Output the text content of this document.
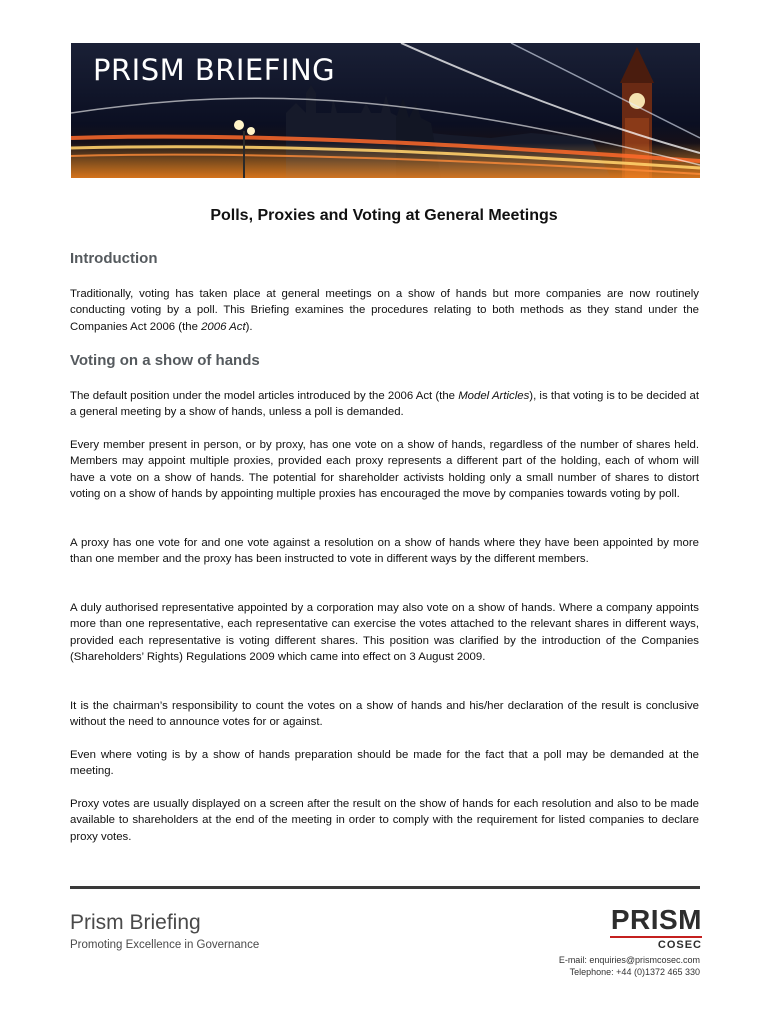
PRISM BRIEFING
Polls, Proxies and Voting at General Meetings
Introduction

Traditionally, voting has taken place at general meetings on a show of hands but more companies are now routinely conducting voting by a poll. This Briefing examines the procedures relating to both methods as they stand under the Companies Act 2006 (the 2006 Act).

Voting on a show of hands

The default position under the model articles introduced by the 2006 Act (the Model Articles), is that voting is to be decided at a general meeting by a show of hands, unless a poll is demanded.

Every member present in person, or by proxy, has one vote on a show of hands, regardless of the number of shares held. Members may appoint multiple proxies, provided each proxy represents a different part of the holding, each of whom will have a vote on a show of hands. The potential for shareholder activists holding only a small number of shares to distort voting on a show of hands by appointing multiple proxies has encouraged the move by companies towards voting by poll.

A proxy has one vote for and one vote against a resolution on a show of hands where they have been appointed by more than one member and the proxy has been instructed to vote in different ways by the different members.

A duly authorised representative appointed by a corporation may also vote on a show of hands. Where a company appoints more than one representative, each representative can exercise the votes attached to the relevant shares in different ways, provided each representative is voting different shares. This position was clarified by the introduction of the Companies (Shareholders’ Rights) Regulations 2009 which came into effect on 3 August 2009.

It is the chairman’s responsibility to count the votes on a show of hands and his/her declaration of the result is conclusive without the need to announce votes for or against.

Even where voting is by a show of hands preparation should be made for the fact that a poll may be demanded at the meeting.

Proxy votes are usually displayed on a screen after the result on the show of hands for each resolution and also to be made available to shareholders at the end of the meeting in order to comply with the requirement for listed companies to declare proxy votes.

Prism Briefing
Promoting Excellence in Governance
PRISM
COSEC
E-mail: enquiries@prismcosec.com
Telephone: +44 (0)1372 465 330
